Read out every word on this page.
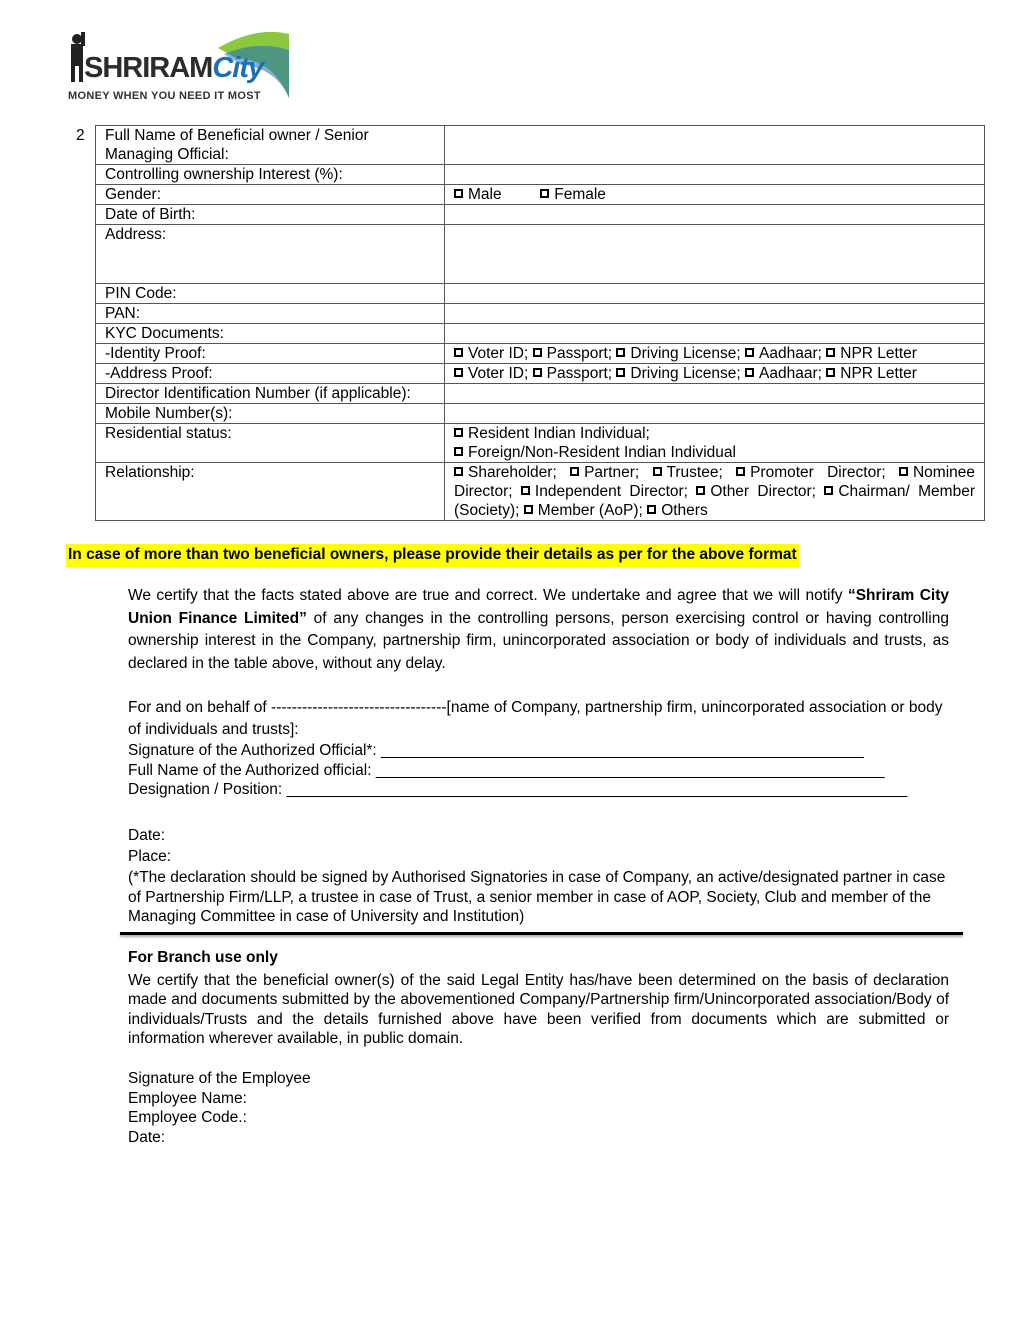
SHRIRAMCity
MONEY WHEN YOU NEED IT MOST
2 Full Name of Beneficial owner / Senior Managing Official:	
Controlling ownership Interest (%):	
Gender:	Male Female
Date of Birth:	
Address:	
PIN Code:	
PAN:	
KYC Documents:	
-Identity Proof:	Voter ID; Passport; Driving License; Aadhaar; NPR Letter
-Address Proof:	Voter ID; Passport; Driving License; Aadhaar; NPR Letter
Director Identification Number (if applicable):	
Mobile Number(s):	
Residential status:	Resident Indian Individual;
Foreign/Non-Resident Indian Individual
Relationship:	Shareholder; Partner; Trustee; Promoter Director; Nominee Director; Independent Director; Other Director; Chairman/ Member (Society); Member (AoP); Others
In case of more than two beneficial owners, please provide their details as per for the above format
We certify that the facts stated above are true and correct. We undertake and agree that we will notify “Shriram City Union Finance Limited” of any changes in the controlling persons, person exercising control or having controlling ownership interest in the Company, partnership firm, unincorporated association or body of individuals and trusts, as declared in the table above, without any delay.
For and on behalf of ----------------------------------[name of Company, partnership firm, unincorporated association or body of individuals and trusts]:
Signature of the Authorized Official*: ________________________________________________________
Full Name of the Authorized official: ___________________________________________________________
Designation / Position: ________________________________________________________________________
Date:
Place:
(*The declaration should be signed by Authorised Signatories in case of Company, an active/designated partner in case of Partnership Firm/LLP, a trustee in case of Trust, a senior member in case of AOP, Society, Club and member of the Managing Committee in case of University and Institution)
For Branch use only
We certify that the beneficial owner(s) of the said Legal Entity has/have been determined on the basis of declaration made and documents submitted by the abovementioned Company/Partnership firm/Unincorporated association/Body of individuals/Trusts and the details furnished above have been verified from documents which are submitted or information wherever available, in public domain.
Signature of the Employee
Employee Name:
Employee Code.:
Date:
